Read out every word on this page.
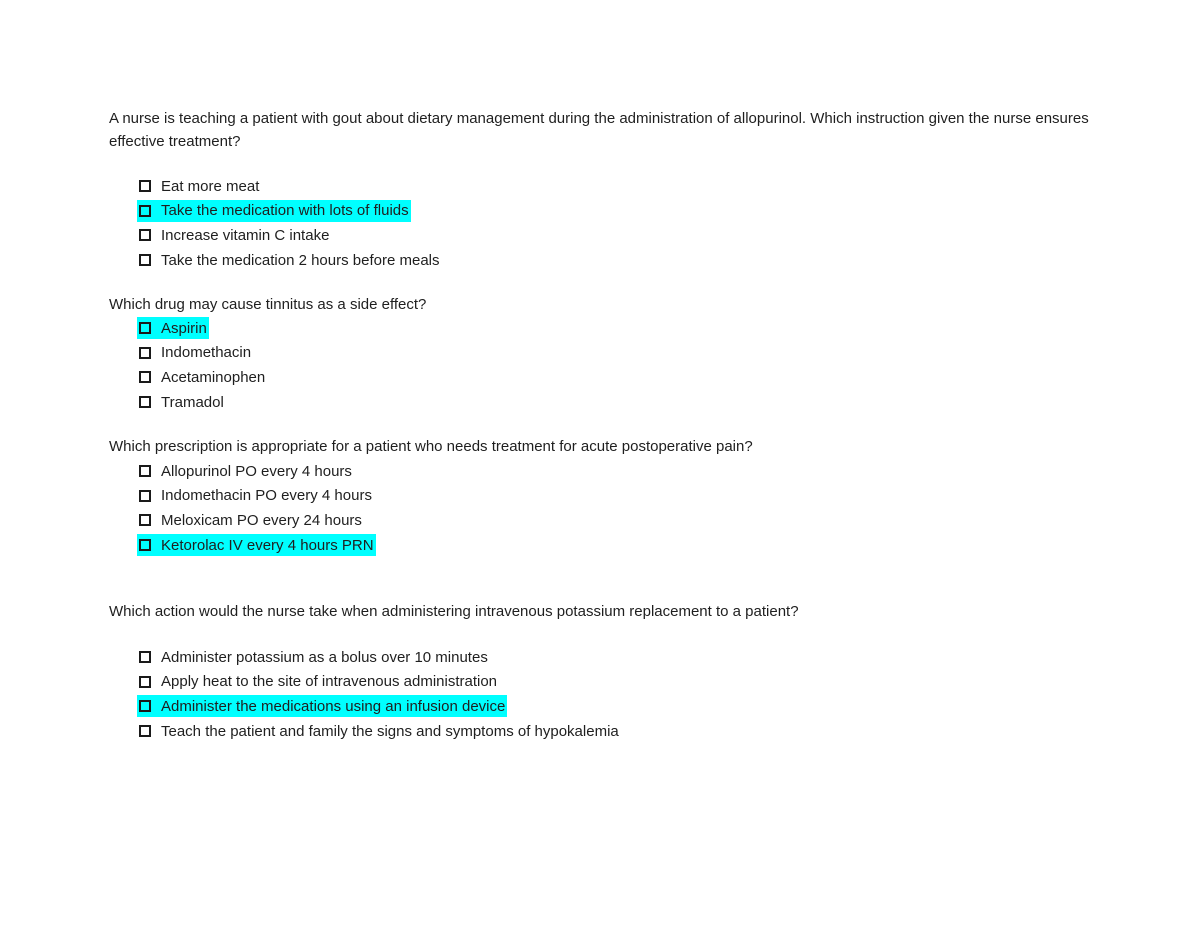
A nurse is teaching a patient with gout about dietary management during the administration of allopurinol. Which instruction given the nurse ensures effective treatment?
Eat more meat
Take the medication with lots of fluids
Increase vitamin C intake
Take the medication 2 hours before meals
Which drug may cause tinnitus as a side effect?
Aspirin
Indomethacin
Acetaminophen
Tramadol
Which prescription is appropriate for a patient who needs treatment for acute postoperative pain?
Allopurinol PO every 4 hours
Indomethacin PO every 4 hours
Meloxicam PO every 24 hours
Ketorolac IV every 4 hours PRN
Which action would the nurse take when administering intravenous potassium replacement to a patient?
Administer potassium as a bolus over 10 minutes
Apply heat to the site of intravenous administration
Administer the medications using an infusion device
Teach the patient and family the signs and symptoms of hypokalemia
